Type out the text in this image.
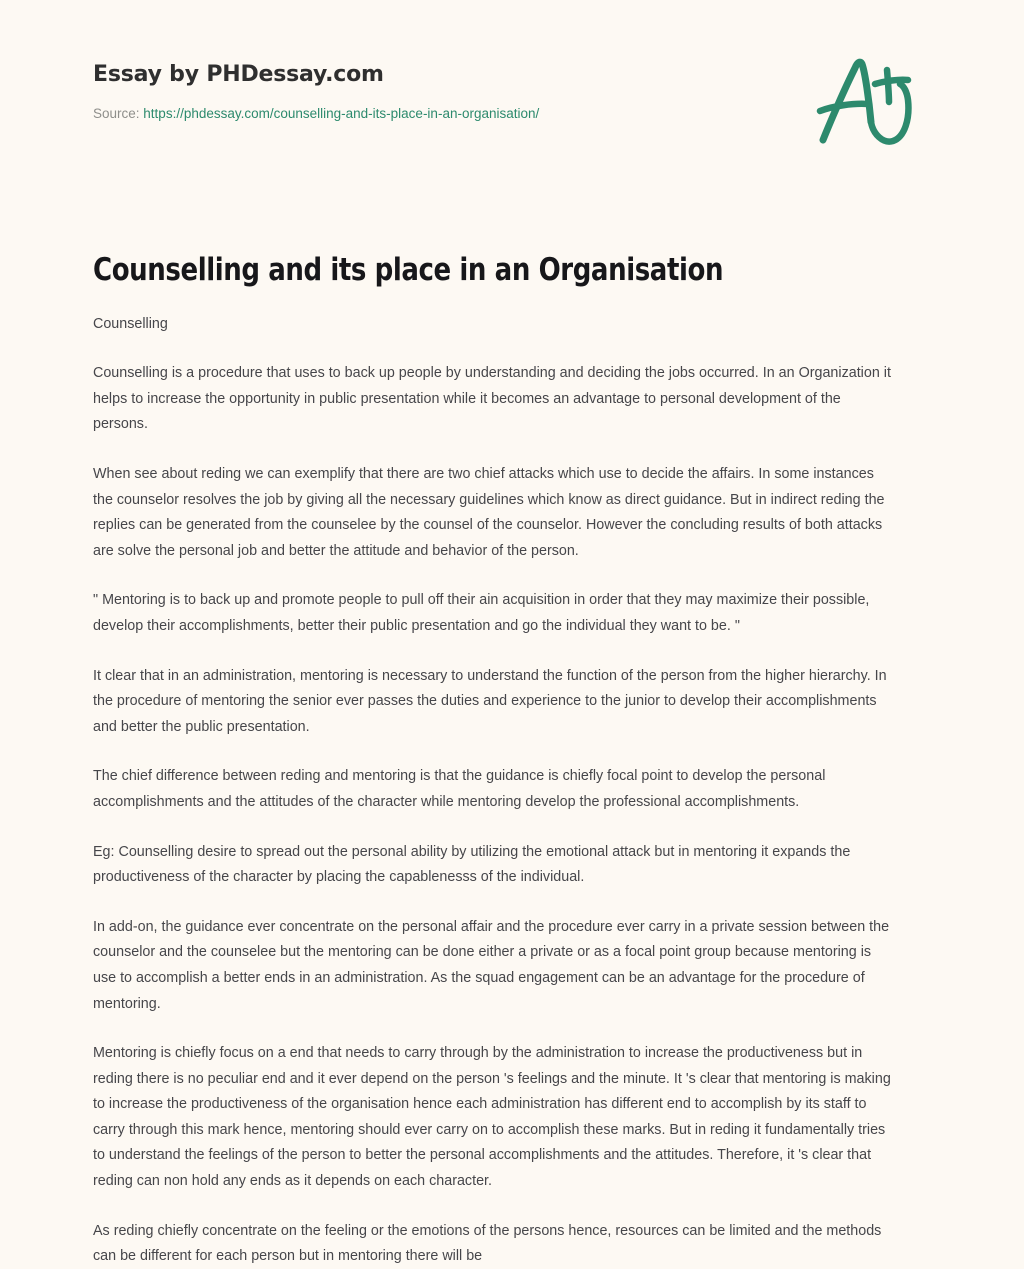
Essay by PHDessay.com
Source: https://phdessay.com/counselling-and-its-place-in-an-organisation/
Counselling and its place in an Organisation

Counselling

Counselling is a procedure that uses to back up people by understanding and deciding the jobs occurred. In an Organization it helps to increase the opportunity in public presentation while it becomes an advantage to personal development of the persons.

When see about reding we can exemplify that there are two chief attacks which use to decide the affairs. In some instances the counselor resolves the job by giving all the necessary guidelines which know as direct guidance. But in indirect reding the replies can be generated from the counselee by the counsel of the counselor. However the concluding results of both attacks are solve the personal job and better the attitude and behavior of the person.

" Mentoring is to back up and promote people to pull off their ain acquisition in order that they may maximize their possible, develop their accomplishments, better their public presentation and go the individual they want to be. "

It clear that in an administration, mentoring is necessary to understand the function of the person from the higher hierarchy. In the procedure of mentoring the senior ever passes the duties and experience to the junior to develop their accomplishments and better the public presentation.

The chief difference between reding and mentoring is that the guidance is chiefly focal point to develop the personal accomplishments and the attitudes of the character while mentoring develop the professional accomplishments.

Eg: Counselling desire to spread out the personal ability by utilizing the emotional attack but in mentoring it expands the productiveness of the character by placing the capablenesss of the individual.

In add-on, the guidance ever concentrate on the personal affair and the procedure ever carry in a private session between the counselor and the counselee but the mentoring can be done either a private or as a focal point group because mentoring is use to accomplish a better ends in an administration. As the squad engagement can be an advantage for the procedure of mentoring.

Mentoring is chiefly focus on a end that needs to carry through by the administration to increase the productiveness but in reding there is no peculiar end and it ever depend on the person 's feelings and the minute. It 's clear that mentoring is making to increase the productiveness of the organisation hence each administration has different end to accomplish by its staff to carry through this mark hence, mentoring should ever carry on to accomplish these marks. But in reding it fundamentally tries to understand the feelings of the person to better the personal accomplishments and the attitudes. Therefore, it 's clear that reding can non hold any ends as it depends on each character.

As reding chiefly concentrate on the feeling or the emotions of the persons hence, resources can be limited and the methods can be different for each person but in mentoring there will be
